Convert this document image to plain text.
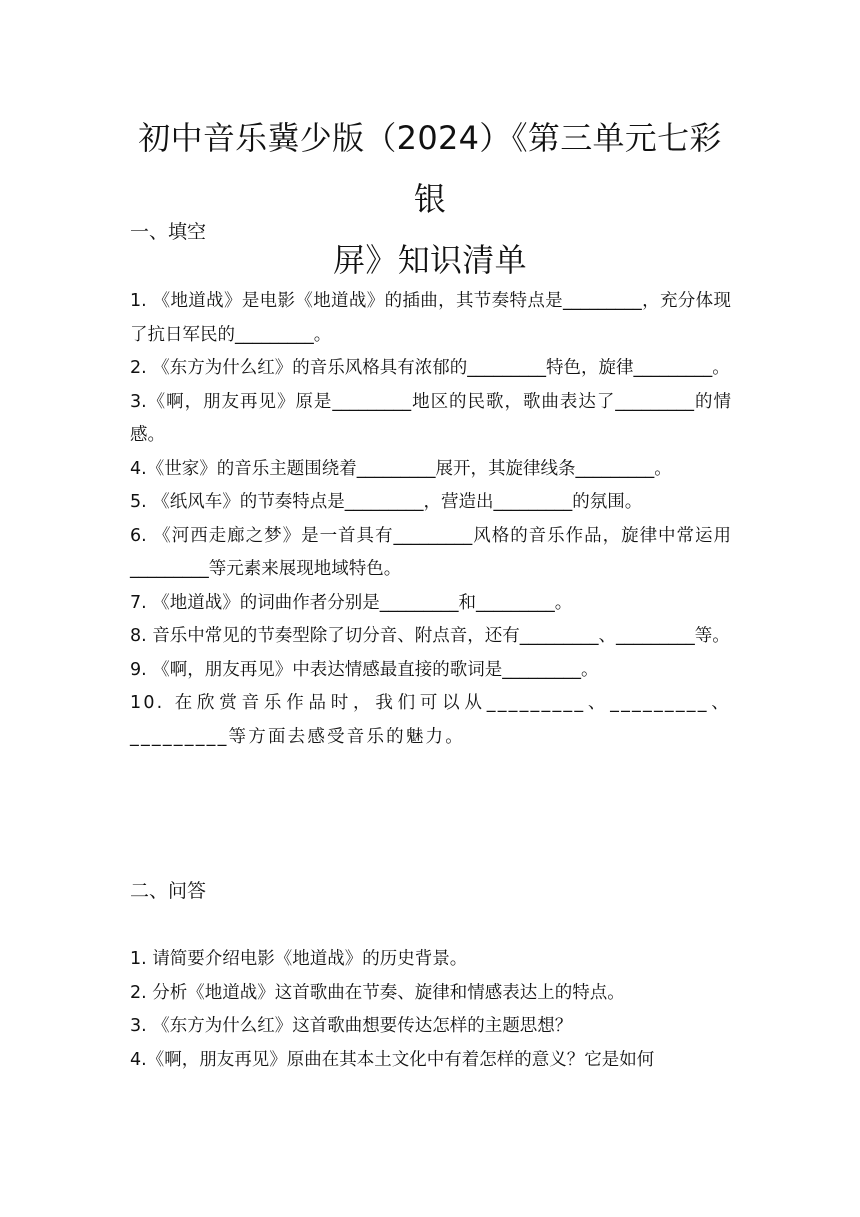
初中音乐冀少版（2024）《第三单元七彩银
屏》知识清单
一、填空
1. 《地道战》是电影《地道战》的插曲，其节奏特点是_________，充分体现了抗日军民的_________。
2. 《东方为什么红》的音乐风格具有浓郁的_________特色，旋律_________。
3.《啊，朋友再见》原是_________地区的民歌，歌曲表达了_________的情感。
4.《世家》的音乐主题围绕着_________展开，其旋律线条_________。
5. 《纸风车》的节奏特点是_________，营造出_________的氛围。
6. 《河西走廊之梦》是一首具有_________风格的音乐作品，旋律中常运用_________等元素来展现地域特色。
7. 《地道战》的词曲作者分别是_________和_________。
8. 音乐中常见的节奏型除了切分音、附点音，还有_________、_________等。
9. 《啊，朋友再见》中表达情感最直接的歌词是_________。
10. 在欣赏音乐作品时，我们可以从_________、_________、_________等方面去感受音乐的魅力。
二、问答
1. 请简要介绍电影《地道战》的历史背景。
2. 分析《地道战》这首歌曲在节奏、旋律和情感表达上的特点。
3. 《东方为什么红》这首歌曲想要传达怎样的主题思想？
4.《啊，朋友再见》原曲在其本土文化中有着怎样的意义？它是如何
